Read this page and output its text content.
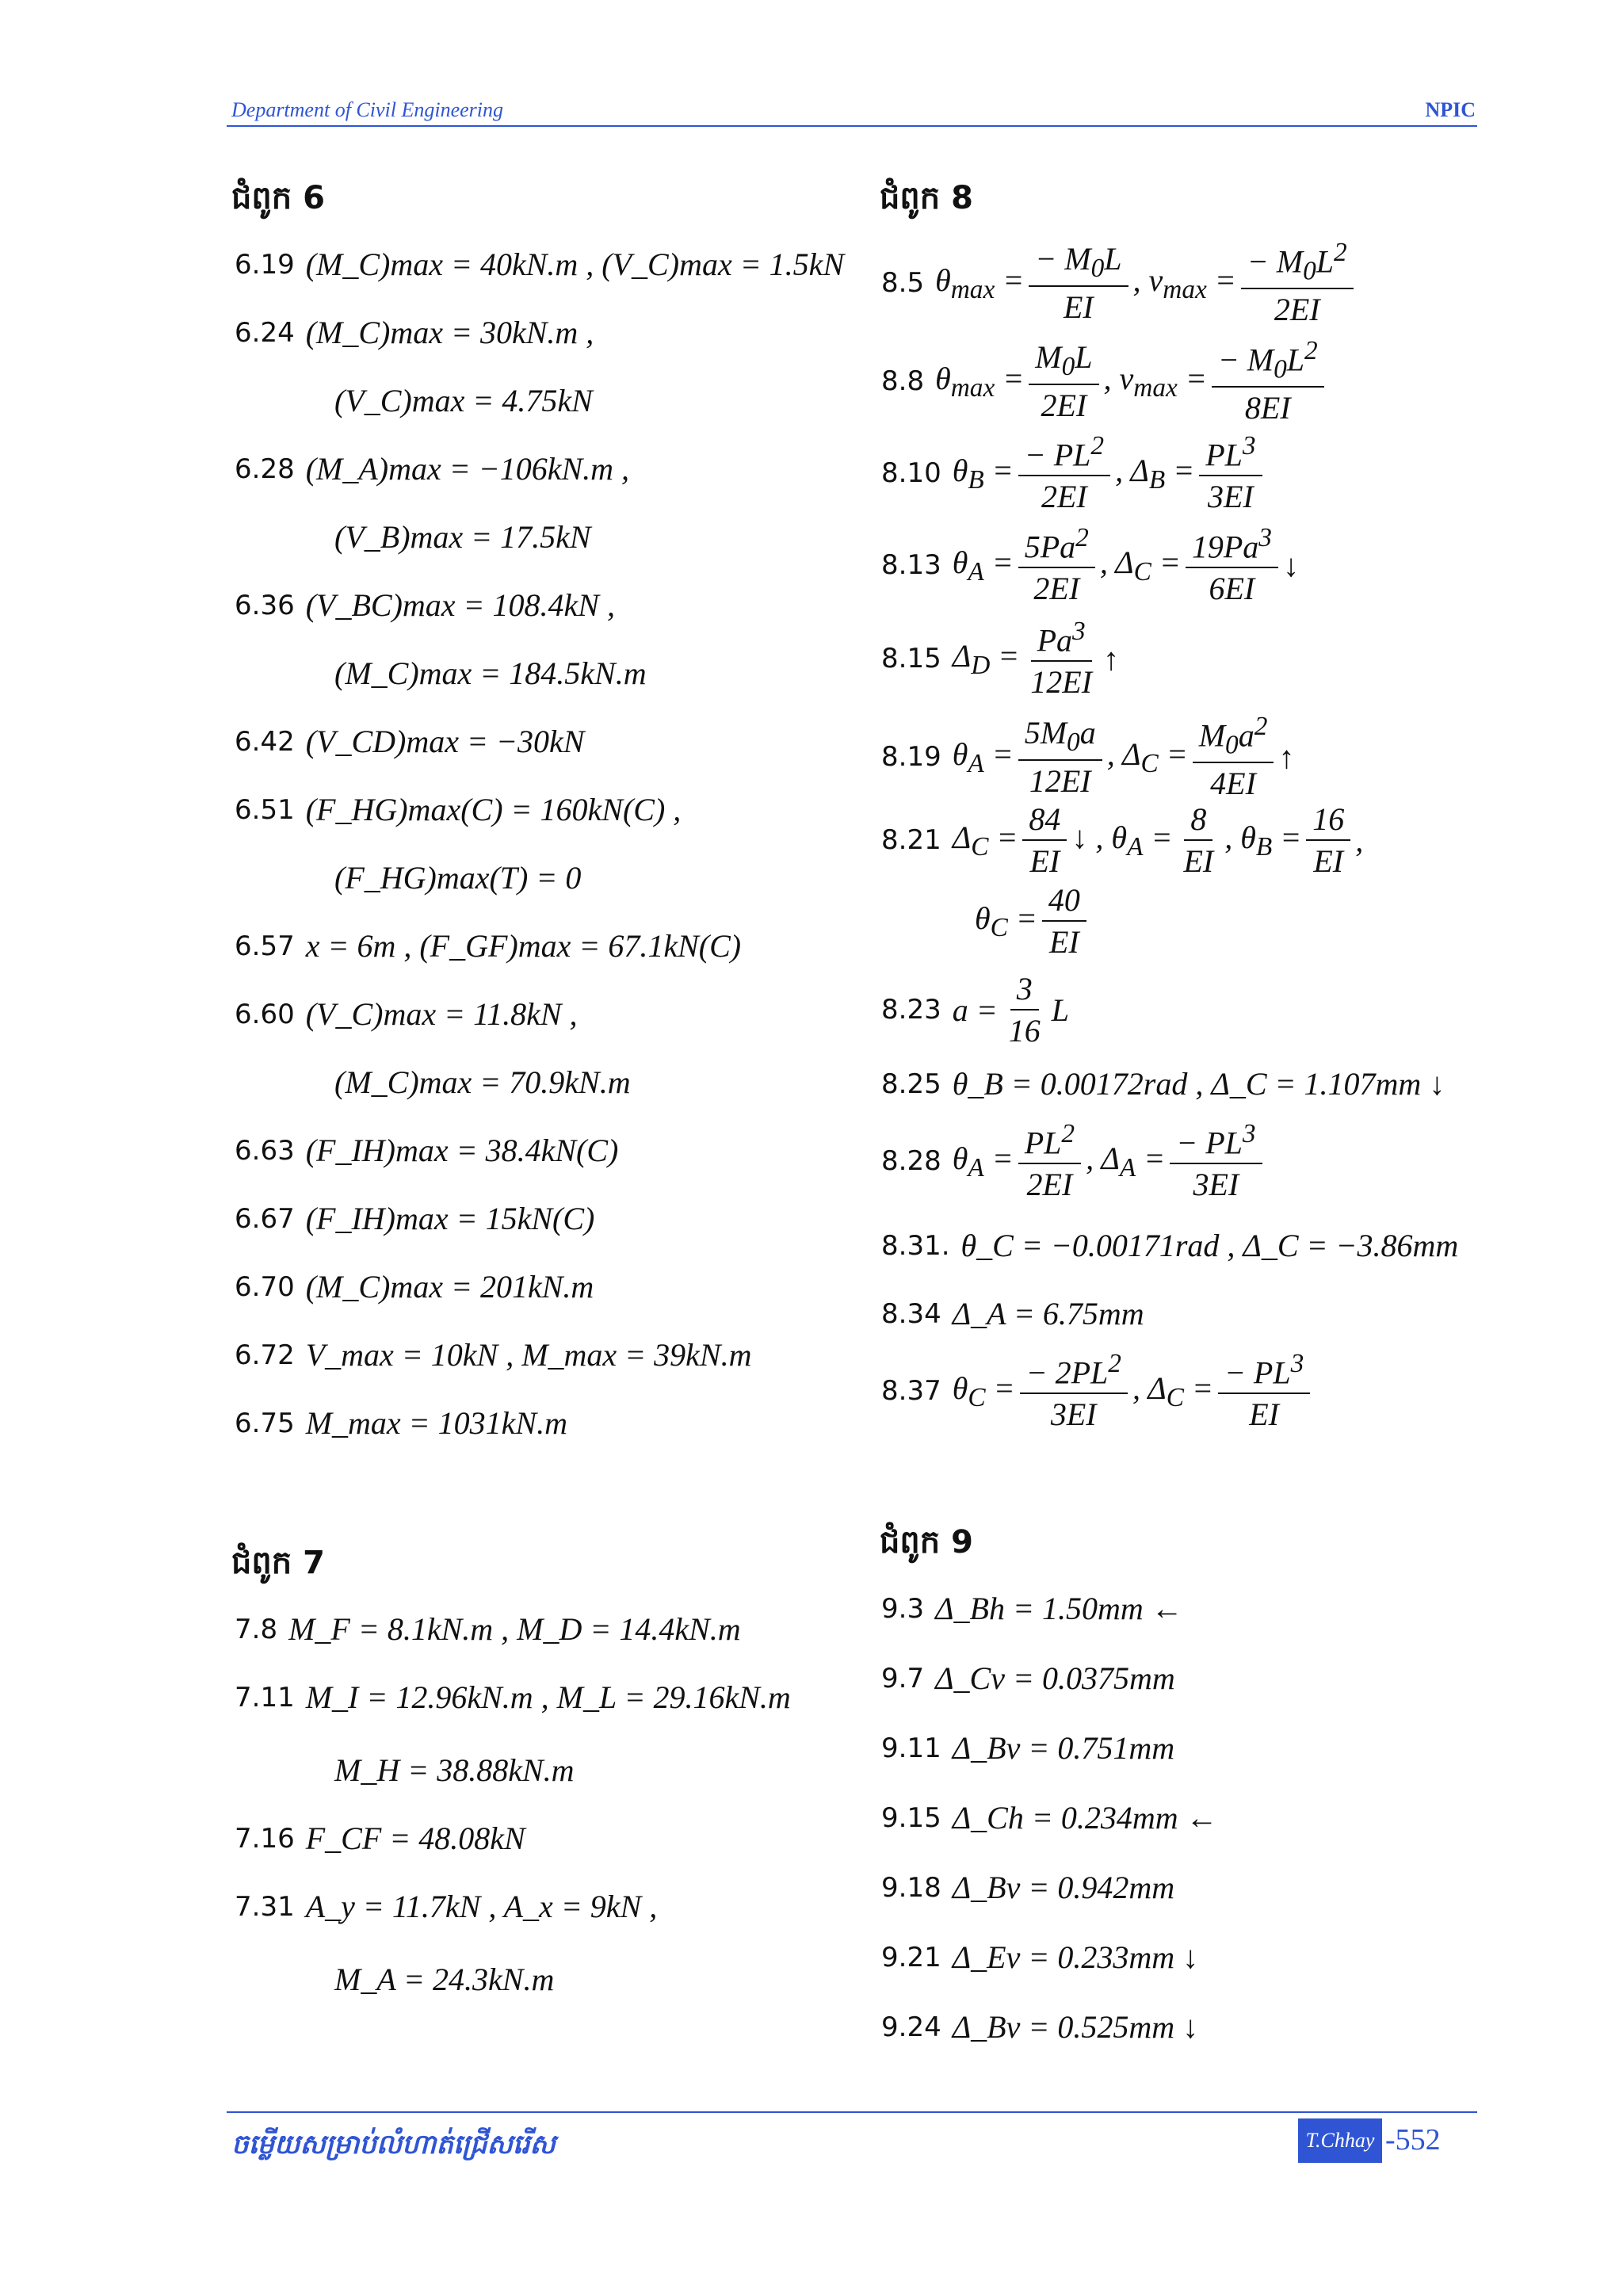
Department of Civil Engineering	NPIC
ជំពូក 6
6.19 (M_C)max = 40kN.m , (V_C)max = 1.5kN
6.24 (M_C)max = 30kN.m ,
(V_C)max = 4.75kN
6.28 (M_A)max = −106kN.m ,
(V_B)max = 17.5kN
6.36 (V_BC)max = 108.4kN ,
(M_C)max = 184.5kN.m
6.42 (V_CD)max = −30kN
6.51 (F_HG)max(C) = 160kN(C) ,
(F_HG)max(T) = 0
6.57 x = 6m , (F_GF)max = 67.1kN(C)
6.60 (V_C)max = 11.8kN ,
(M_C)max = 70.9kN.m
6.63 (F_IH)max = 38.4kN(C)
6.67 (F_IH)max = 15kN(C)
6.70 (M_C)max = 201kN.m
6.72 V_max = 10kN , M_max = 39kN.m
6.75 M_max = 1031kN.m
ជំពូក 7
7.8 M_F = 8.1kN.m , M_D = 14.4kN.m
7.11 M_I = 12.96kN.m , M_L = 29.16kN.m
M_H = 38.88kN.m
7.16 F_CF = 48.08kN
7.31 A_y = 11.7kN , A_x = 9kN ,
M_A = 24.3kN.m
ជំពូក 8
8.5 $\theta_{max} = \frac{- M_0L}{EI}$ , $\nu_{max} = \frac{- M_0L^2}{2EI}$
8.8 $\theta_{max} = \frac{M_0L}{2EI}$ , $\nu_{max} = \frac{- M_0L^2}{8EI}$
8.10 $\theta_B = \frac{- PL^2}{2EI}$ , $\Delta_B = \frac{PL^3}{3EI}$
8.13 $\theta_A = \frac{5Pa^2}{2EI}$ , $\Delta_C = \frac{19Pa^3}{6EI}$ ↓
8.15 $\Delta_D = \frac{Pa^3}{12EI}$ ↑
8.19 $\theta_A = \frac{5M_0a}{12EI}$ , $\Delta_C = \frac{M_0a^2}{4EI}$ ↑
8.21 $\Delta_C = \frac{84}{EI}$ ↓ , $\theta_A = \frac{8}{EI}$ , $\theta_B = \frac{16}{EI}$ ,
$\theta_C = \frac{40}{EI}$
8.23 $a = \frac{3}{16}$ L
8.25 θ_B = 0.00172rad , Δ_C = 1.107mm ↓
8.28 $\theta_A = \frac{PL^2}{2EI}$ , $\Delta_A = \frac{- PL^3}{3EI}$
8.31. θ_C = −0.00171rad , Δ_C = −3.86mm
8.34 Δ_A = 6.75mm
8.37 $\theta_C = \frac{- 2PL^2}{3EI}$ , $\Delta_C = \frac{- PL^3}{EI}$
ជំពូក 9
9.3 Δ_Bh = 1.50mm ←
9.7 Δ_Cv = 0.0375mm
9.11 Δ_Bv = 0.751mm
9.15 Δ_Ch = 0.234mm ←
9.18 Δ_Bv = 0.942mm
9.21 Δ_Ev = 0.233mm ↓
9.24 Δ_Bv = 0.525mm ↓
ចម្លើយសម្រាប់លំហាត់ជ្រើសរើស	T.Chhay -552
